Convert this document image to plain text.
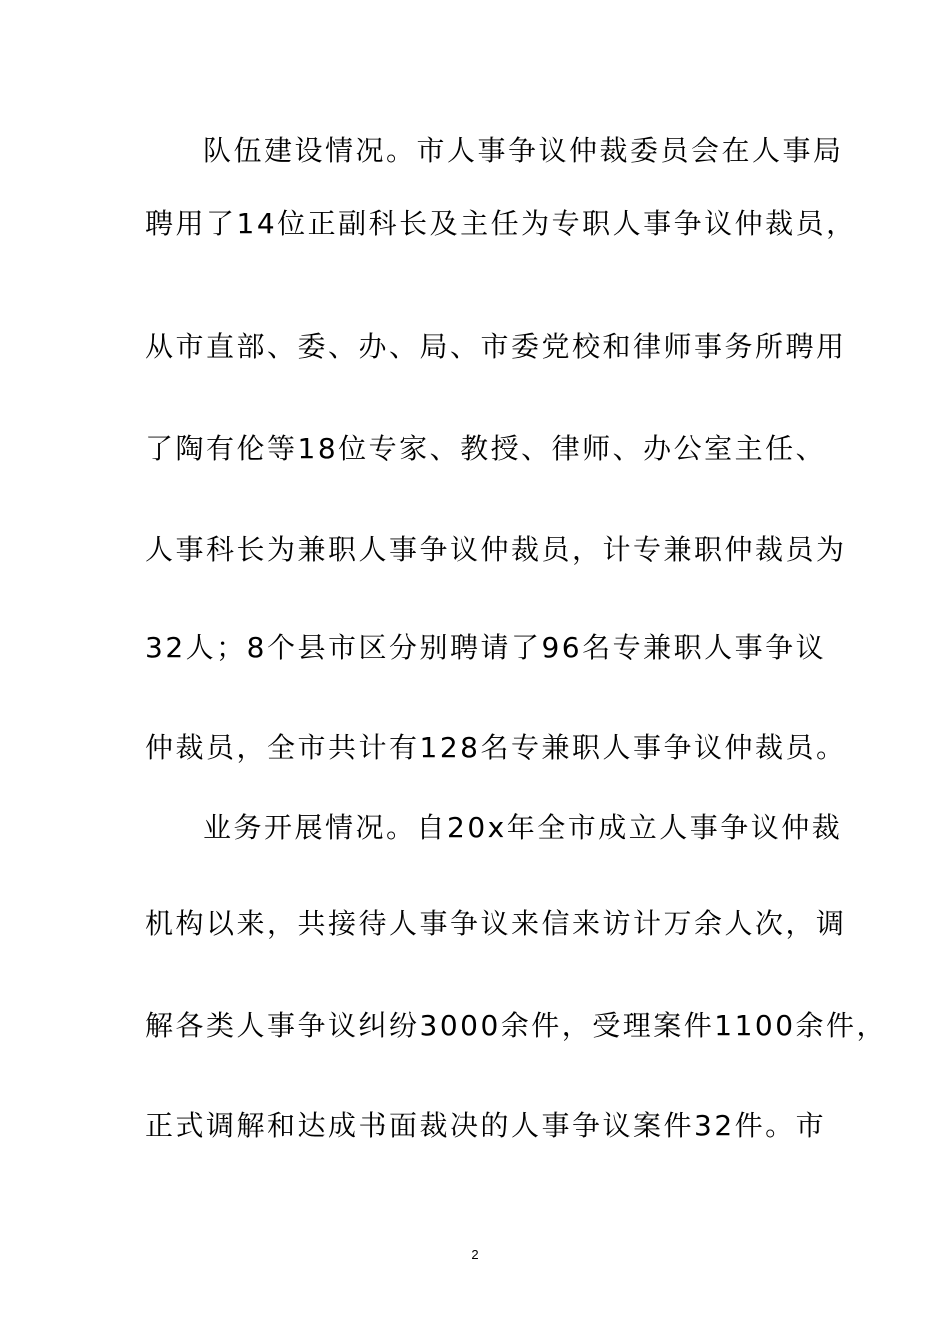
队伍建设情况。市人事争议仲裁委员会在人事局
聘用了14位正副科长及主任为专职人事争议仲裁员，
从市直部、委、办、局、市委党校和律师事务所聘用
了陶有伦等18位专家、教授、律师、办公室主任、
人事科长为兼职人事争议仲裁员，计专兼职仲裁员为
32人；8个县市区分别聘请了96名专兼职人事争议
仲裁员，全市共计有128名专兼职人事争议仲裁员。
业务开展情况。自20x年全市成立人事争议仲裁
机构以来，共接待人事争议来信来访计万余人次，调
解各类人事争议纠纷3000余件，受理案件1100余件，
正式调解和达成书面裁决的人事争议案件32件。市
2
